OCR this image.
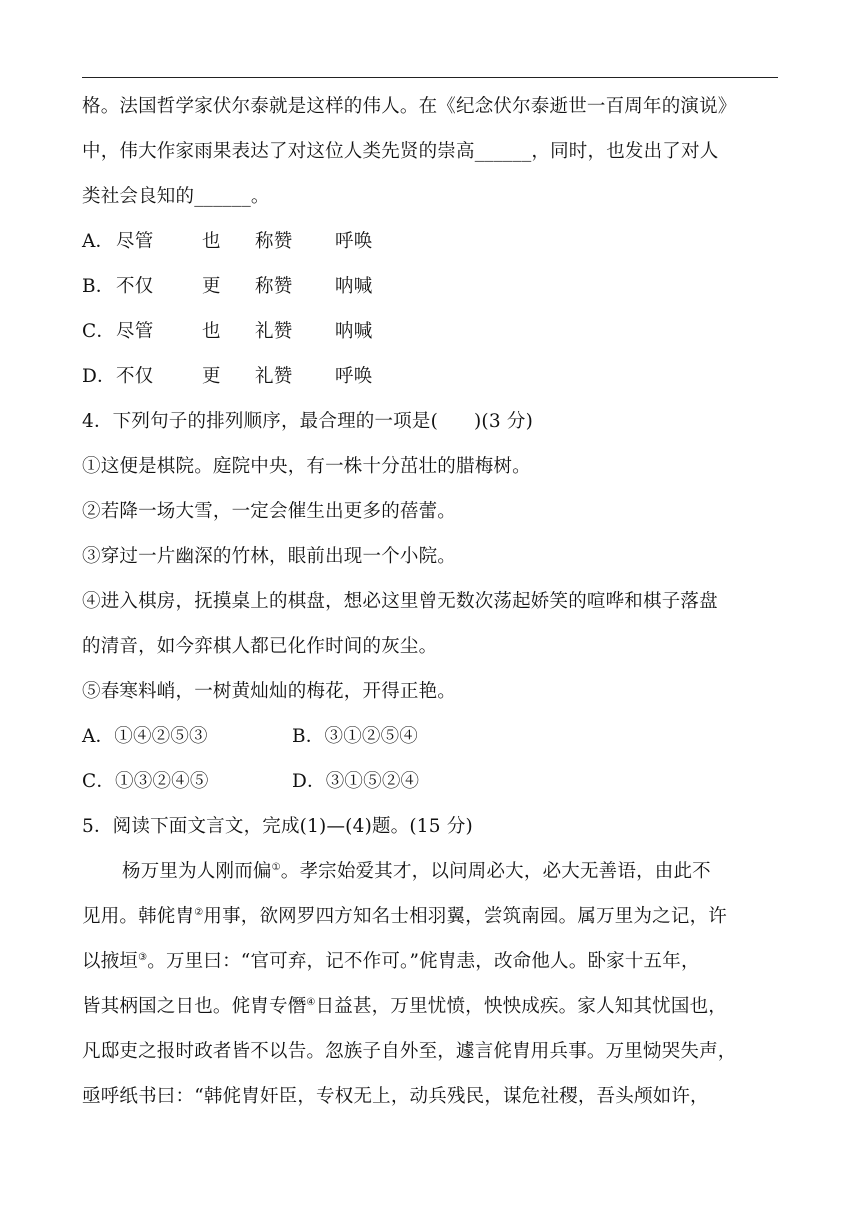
格。法国哲学家伏尔泰就是这样的伟人。在《纪念伏尔泰逝世一百周年的演说》
中，伟大作家雨果表达了对这位人类先贤的崇高______，同时，也发出了对人
类社会良知的______。
A．尽管	也 称赞 呼唤
B．不仅	更 称赞 呐喊
C．尽管	也 礼赞 呐喊
D．不仅	更 礼赞 呼唤
4．下列句子的排列顺序，最合理的一项是( )(3 分)
①这便是棋院。庭院中央，有一株十分茁壮的腊梅树。
②若降一场大雪，一定会催生出更多的蓓蕾。
③穿过一片幽深的竹林，眼前出现一个小院。
④进入棋房，抚摸桌上的棋盘，想必这里曾无数次荡起娇笑的喧哗和棋子落盘
的清音，如今弈棋人都已化作时间的灰尘。
⑤春寒料峭，一树黄灿灿的梅花，开得正艳。
A．①④②⑤③	B．③①②⑤④
C．①③②④⑤	D．③①⑤②④
5．阅读下面文言文，完成(1)—(4)题。(15 分)
杨万里为人刚而偏①。孝宗始爱其才，以问周必大，必大无善语，由此不
见用。韩侂胄②用事，欲网罗四方知名士相羽翼，尝筑南园。属万里为之记，许
以掖垣③。万里曰：“官可弃，记不作可。”侂胄恚，改命他人。卧家十五年，
皆其柄国之日也。侂胄专僭④日益甚，万里忧愤，怏怏成疾。家人知其忧国也，
凡邸吏之报时政者皆不以告。忽族子自外至，遽言侂胄用兵事。万里恸哭失声，
亟呼纸书曰：“韩侂胄奸臣，专权无上，动兵残民，谋危社稷，吾头颅如许，
